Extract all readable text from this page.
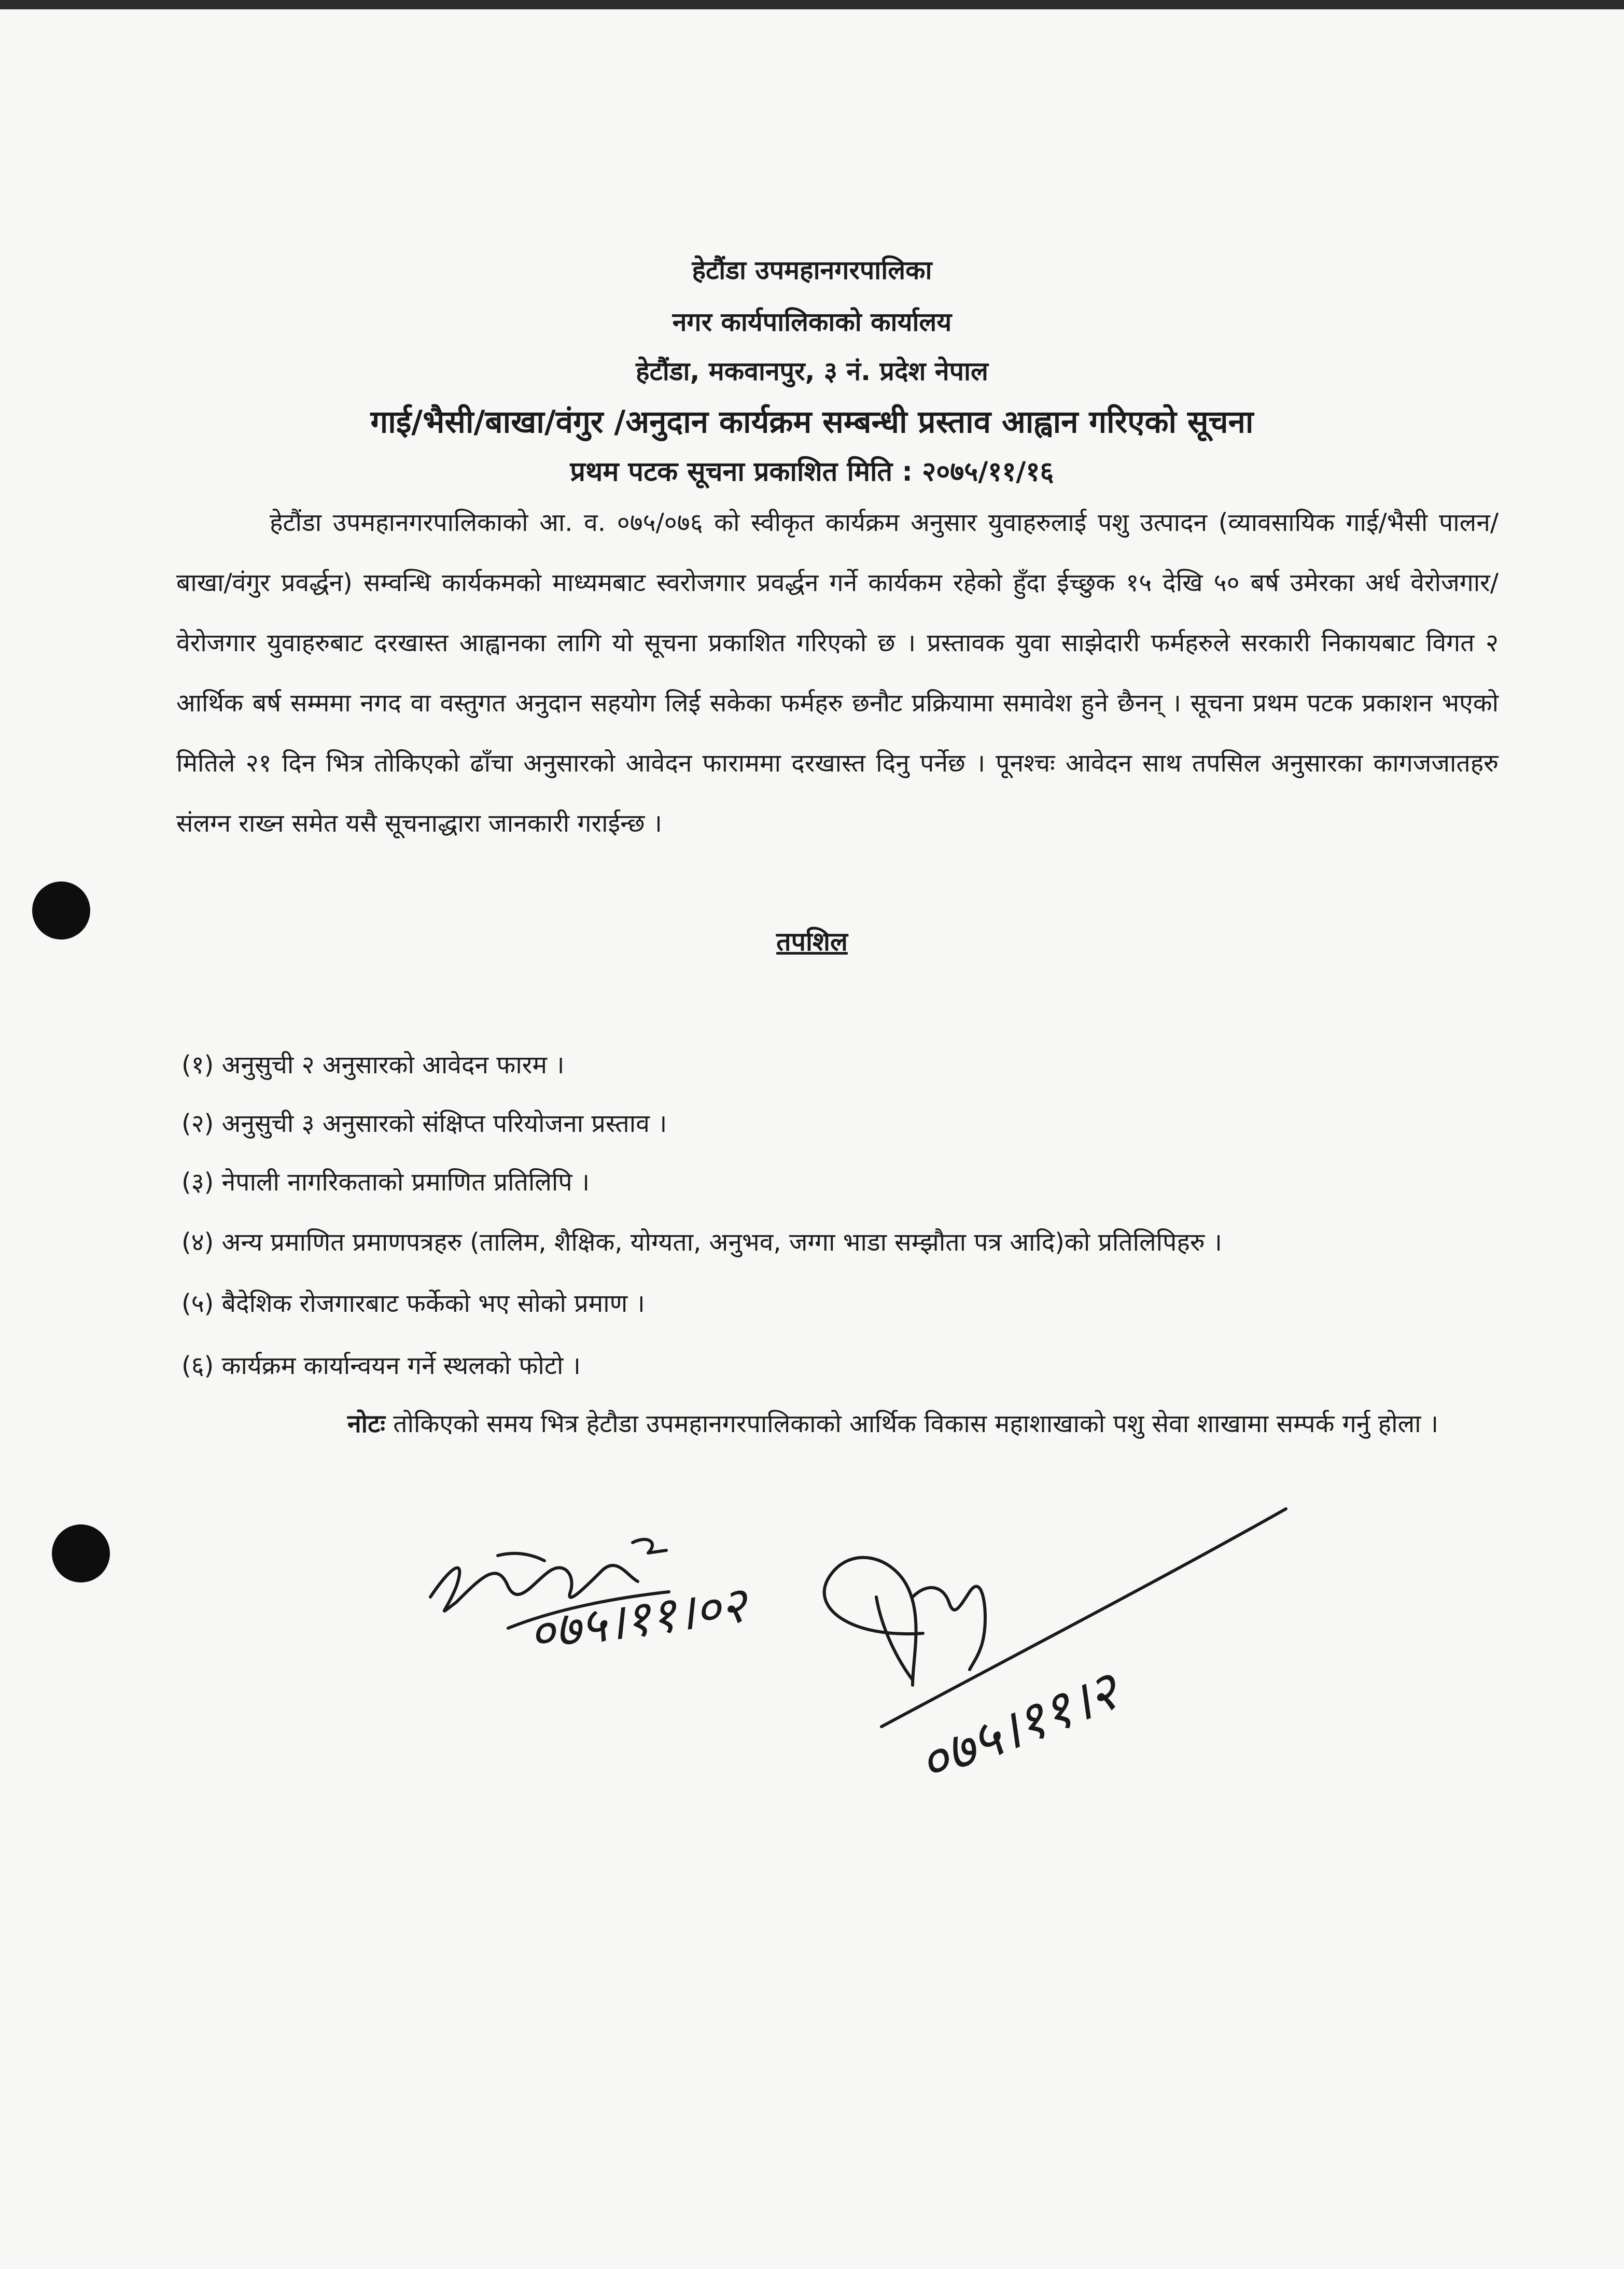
हेटौंडा उपमहानगरपालिका
नगर कार्यपालिकाको कार्यालय
हेटौंडा, मकवानपुर, ३ नं. प्रदेश नेपाल
गाई/भैसी/बाखा/वंगुर /अनुदान कार्यक्रम सम्बन्धी प्रस्ताव आह्वान गरिएको सूचना
प्रथम पटक सूचना प्रकाशित मिति : २०७५/११/१६
हेटौंडा उपमहानगरपालिकाको आ. व. ०७५/०७६ को स्वीकृत कार्यक्रम अनुसार युवाहरुलाई पशु उत्पादन (व्यावसायिक गाई/भैसी पालन/बाखा/वंगुर प्रवर्द्धन) सम्वन्धि कार्यकमको माध्यमबाट स्वरोजगार प्रवर्द्धन गर्ने कार्यकम रहेको हुँदा ईच्छुक १५ देखि ५० बर्ष उमेरका अर्ध वेरोजगार/वेरोजगार युवाहरुबाट दरखास्त आह्वानका लागि यो सूचना प्रकाशित गरिएको छ । प्रस्तावक युवा साझेदारी फर्महरुले सरकारी निकायबाट विगत २ आर्थिक बर्ष सम्ममा नगद वा वस्तुगत अनुदान सहयोग लिई सकेका फर्महरु छनौट प्रक्रियामा समावेश हुने छैनन् । सूचना प्रथम पटक प्रकाशन भएको मितिले २१ दिन भित्र तोकिएको ढाँचा अनुसारको आवेदन फाराममा दरखास्त दिनु पर्नेछ । पूनश्चः आवेदन साथ तपसिल अनुसारका कागजजातहरु संलग्न राख्न समेत यसै सूचनाद्धारा जानकारी गराईन्छ ।
तपशिल
(१) अनुसुची २ अनुसारको आवेदन फारम ।
(२) अनुसुची ३ अनुसारको संक्षिप्त परियोजना प्रस्ताव ।
(३) नेपाली नागरिकताको प्रमाणित प्रतिलिपि ।
(४) अन्य प्रमाणित प्रमाणपत्रहरु (तालिम, शैक्षिक, योग्यता, अनुभव, जग्गा भाडा सम्झौता पत्र आदि)को प्रतिलिपिहरु ।
(५) बैदेशिक रोजगारबाट फर्केको भए सोको प्रमाण ।
(६) कार्यक्रम कार्यान्वयन गर्ने स्थलको फोटो ।
नोटः तोकिएको समय भित्र हेटौडा उपमहानगरपालिकाको आर्थिक विकास महाशाखाको पशु सेवा शाखामा सम्पर्क गर्नु होला ।
०७५।११।०२
०७५।११।२
